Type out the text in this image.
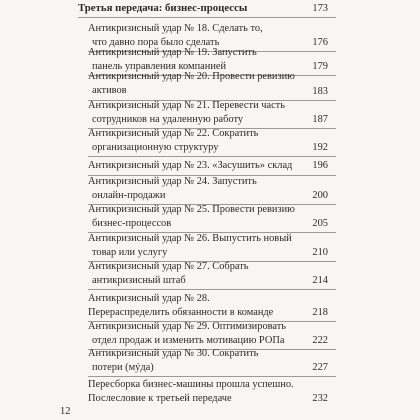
Третья передача: бизнес-процессы	173
Антикризисный удар № 18. Сделать то,
что давно пора было сделать	176
Антикризисный удар № 19. Запустить
панель управления компанией	179
Антикризисный удар № 20. Провести ревизию
активов	183
Антикризисный удар № 21. Перевести часть
сотрудников на удаленную работу	187
Антикризисный удар № 22. Сократить
организационную структуру	192
Антикризисный удар № 23. «Засушить» склад	196
Антикризисный удар № 24. Запустить
онлайн-продажи	200
Антикризисный удар № 25. Провести ревизию
бизнес-процессов	205
Антикризисный удар № 26. Выпустить новый
товар или услугу	210
Антикризисный удар № 27. Собрать
антикризисный штаб	214
Антикризисный удар № 28.
Перераспределить обязанности в команде	218
Антикризисный удар № 29. Оптимизировать
отдел продаж и изменить мотивацию РОПа	222
Антикризисный удар № 30. Сократить
потери (мýда)	227
Пересборка бизнес-машины прошла успешно.
Послесловие к третьей передаче	232
12
